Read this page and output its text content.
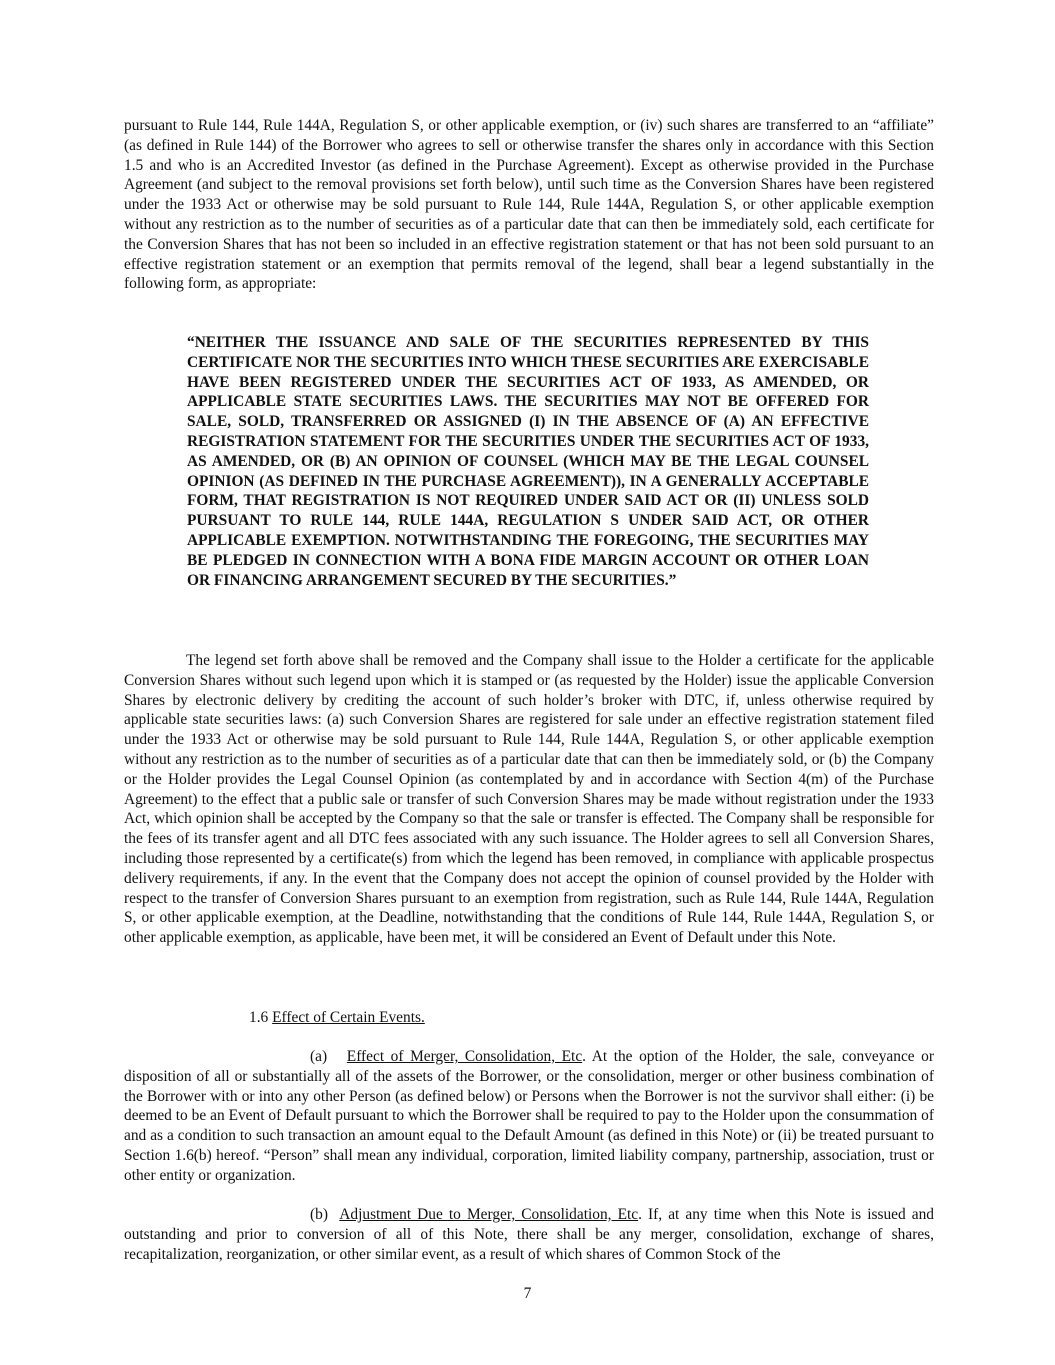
pursuant to Rule 144, Rule 144A, Regulation S, or other applicable exemption, or (iv) such shares are transferred to an “affiliate” (as defined in Rule 144) of the Borrower who agrees to sell or otherwise transfer the shares only in accordance with this Section 1.5 and who is an Accredited Investor (as defined in the Purchase Agreement). Except as otherwise provided in the Purchase Agreement (and subject to the removal provisions set forth below), until such time as the Conversion Shares have been registered under the 1933 Act or otherwise may be sold pursuant to Rule 144, Rule 144A, Regulation S, or other applicable exemption without any restriction as to the number of securities as of a particular date that can then be immediately sold, each certificate for the Conversion Shares that has not been so included in an effective registration statement or that has not been sold pursuant to an effective registration statement or an exemption that permits removal of the legend, shall bear a legend substantially in the following form, as appropriate:

“NEITHER THE ISSUANCE AND SALE OF THE SECURITIES REPRESENTED BY THIS CERTIFICATE NOR THE SECURITIES INTO WHICH THESE SECURITIES ARE EXERCISABLE HAVE BEEN REGISTERED UNDER THE SECURITIES ACT OF 1933, AS AMENDED, OR APPLICABLE STATE SECURITIES LAWS. THE SECURITIES MAY NOT BE OFFERED FOR SALE, SOLD, TRANSFERRED OR ASSIGNED (I) IN THE ABSENCE OF (A) AN EFFECTIVE REGISTRATION STATEMENT FOR THE SECURITIES UNDER THE SECURITIES ACT OF 1933, AS AMENDED, OR (B) AN OPINION OF COUNSEL (WHICH MAY BE THE LEGAL COUNSEL OPINION (AS DEFINED IN THE PURCHASE AGREEMENT)), IN A GENERALLY ACCEPTABLE FORM, THAT REGISTRATION IS NOT REQUIRED UNDER SAID ACT OR (II) UNLESS SOLD PURSUANT TO RULE 144, RULE 144A, REGULATION S UNDER SAID ACT, OR OTHER APPLICABLE EXEMPTION. NOTWITHSTANDING THE FOREGOING, THE SECURITIES MAY BE PLEDGED IN CONNECTION WITH A BONA FIDE MARGIN ACCOUNT OR OTHER LOAN OR FINANCING ARRANGEMENT SECURED BY THE SECURITIES.”

The legend set forth above shall be removed and the Company shall issue to the Holder a certificate for the applicable Conversion Shares without such legend upon which it is stamped or (as requested by the Holder) issue the applicable Conversion Shares by electronic delivery by crediting the account of such holder’s broker with DTC, if, unless otherwise required by applicable state securities laws: (a) such Conversion Shares are registered for sale under an effective registration statement filed under the 1933 Act or otherwise may be sold pursuant to Rule 144, Rule 144A, Regulation S, or other applicable exemption without any restriction as to the number of securities as of a particular date that can then be immediately sold, or (b) the Company or the Holder provides the Legal Counsel Opinion (as contemplated by and in accordance with Section 4(m) of the Purchase Agreement) to the effect that a public sale or transfer of such Conversion Shares may be made without registration under the 1933 Act, which opinion shall be accepted by the Company so that the sale or transfer is effected. The Company shall be responsible for the fees of its transfer agent and all DTC fees associated with any such issuance. The Holder agrees to sell all Conversion Shares, including those represented by a certificate(s) from which the legend has been removed, in compliance with applicable prospectus delivery requirements, if any. In the event that the Company does not accept the opinion of counsel provided by the Holder with respect to the transfer of Conversion Shares pursuant to an exemption from registration, such as Rule 144, Rule 144A, Regulation S, or other applicable exemption, at the Deadline, notwithstanding that the conditions of Rule 144, Rule 144A, Regulation S, or other applicable exemption, as applicable, have been met, it will be considered an Event of Default under this Note.

1.6 Effect of Certain Events.

(a) Effect of Merger, Consolidation, Etc. At the option of the Holder, the sale, conveyance or disposition of all or substantially all of the assets of the Borrower, or the consolidation, merger or other business combination of the Borrower with or into any other Person (as defined below) or Persons when the Borrower is not the survivor shall either: (i) be deemed to be an Event of Default pursuant to which the Borrower shall be required to pay to the Holder upon the consummation of and as a condition to such transaction an amount equal to the Default Amount (as defined in this Note) or (ii) be treated pursuant to Section 1.6(b) hereof. “Person” shall mean any individual, corporation, limited liability company, partnership, association, trust or other entity or organization.

(b) Adjustment Due to Merger, Consolidation, Etc. If, at any time when this Note is issued and outstanding and prior to conversion of all of this Note, there shall be any merger, consolidation, exchange of shares, recapitalization, reorganization, or other similar event, as a result of which shares of Common Stock of the

7
